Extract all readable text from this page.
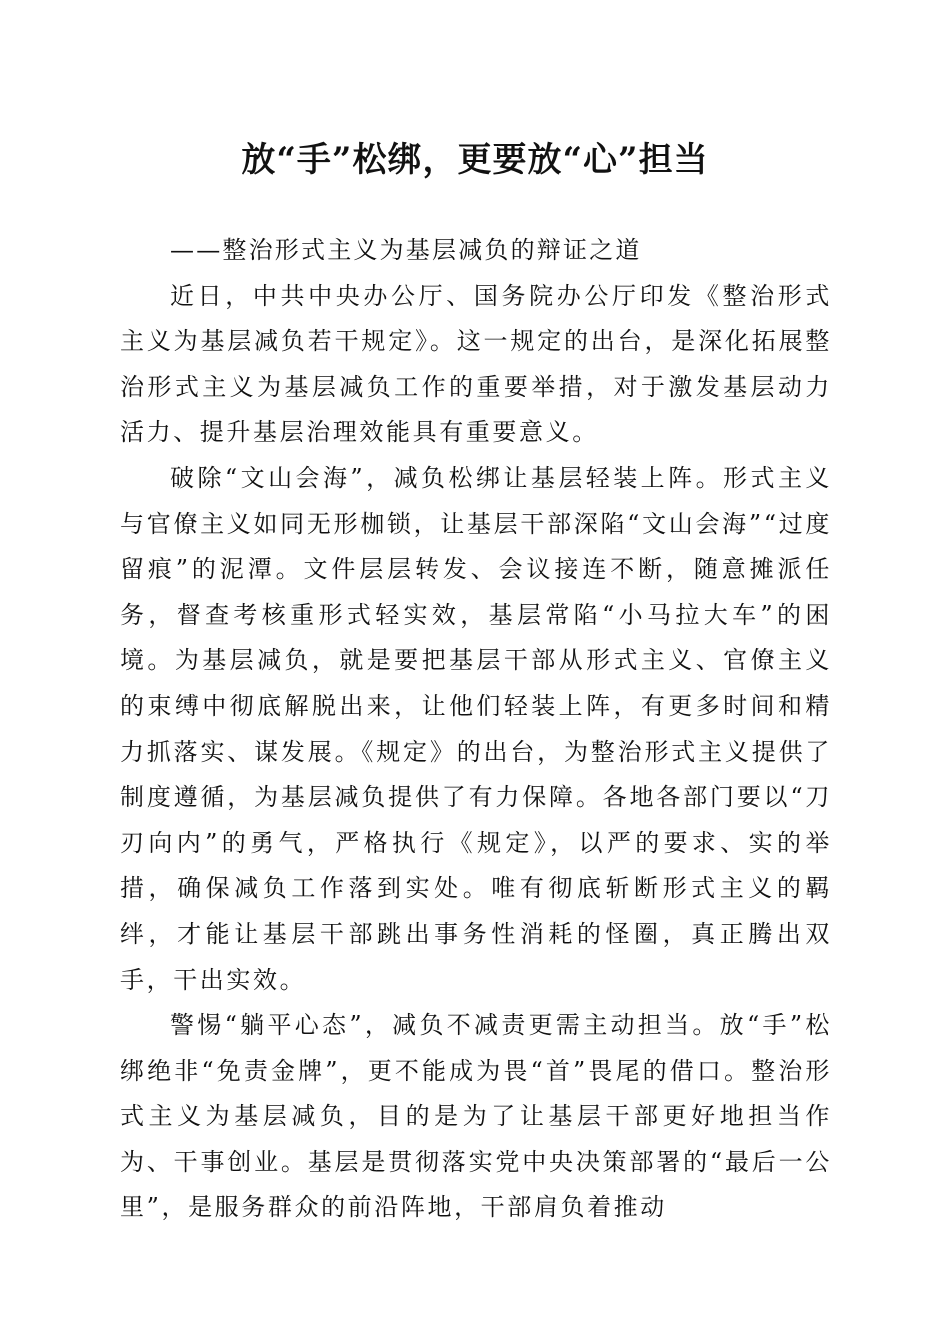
放“手”松绑，更要放“心”担当

——整治形式主义为基层减负的辩证之道

近日，中共中央办公厅、国务院办公厅印发《整治形式主义为基层减负若干规定》。这一规定的出台，是深化拓展整治形式主义为基层减负工作的重要举措，对于激发基层动力活力、提升基层治理效能具有重要意义。

破除“文山会海”，减负松绑让基层轻装上阵。形式主义与官僚主义如同无形枷锁，让基层干部深陷“文山会海”“过度留痕”的泥潭。文件层层转发、会议接连不断，随意摊派任务，督查考核重形式轻实效，基层常陷“小马拉大车”的困境。为基层减负，就是要把基层干部从形式主义、官僚主义的束缚中彻底解脱出来，让他们轻装上阵，有更多时间和精力抓落实、谋发展。《规定》的出台，为整治形式主义提供了制度遵循，为基层减负提供了有力保障。各地各部门要以“刀刃向内”的勇气，严格执行《规定》，以严的要求、实的举措，确保减负工作落到实处。唯有彻底斩断形式主义的羁绊，才能让基层干部跳出事务性消耗的怪圈，真正腾出双手，干出实效。

警惕“躺平心态”，减负不减责更需主动担当。放“手”松绑绝非“免责金牌”，更不能成为畏“首”畏尾的借口。整治形式主义为基层减负，目的是为了让基层干部更好地担当作为、干事创业。基层是贯彻落实党中央决策部署的“最后一公里”，是服务群众的前沿阵地，干部肩负着推动
